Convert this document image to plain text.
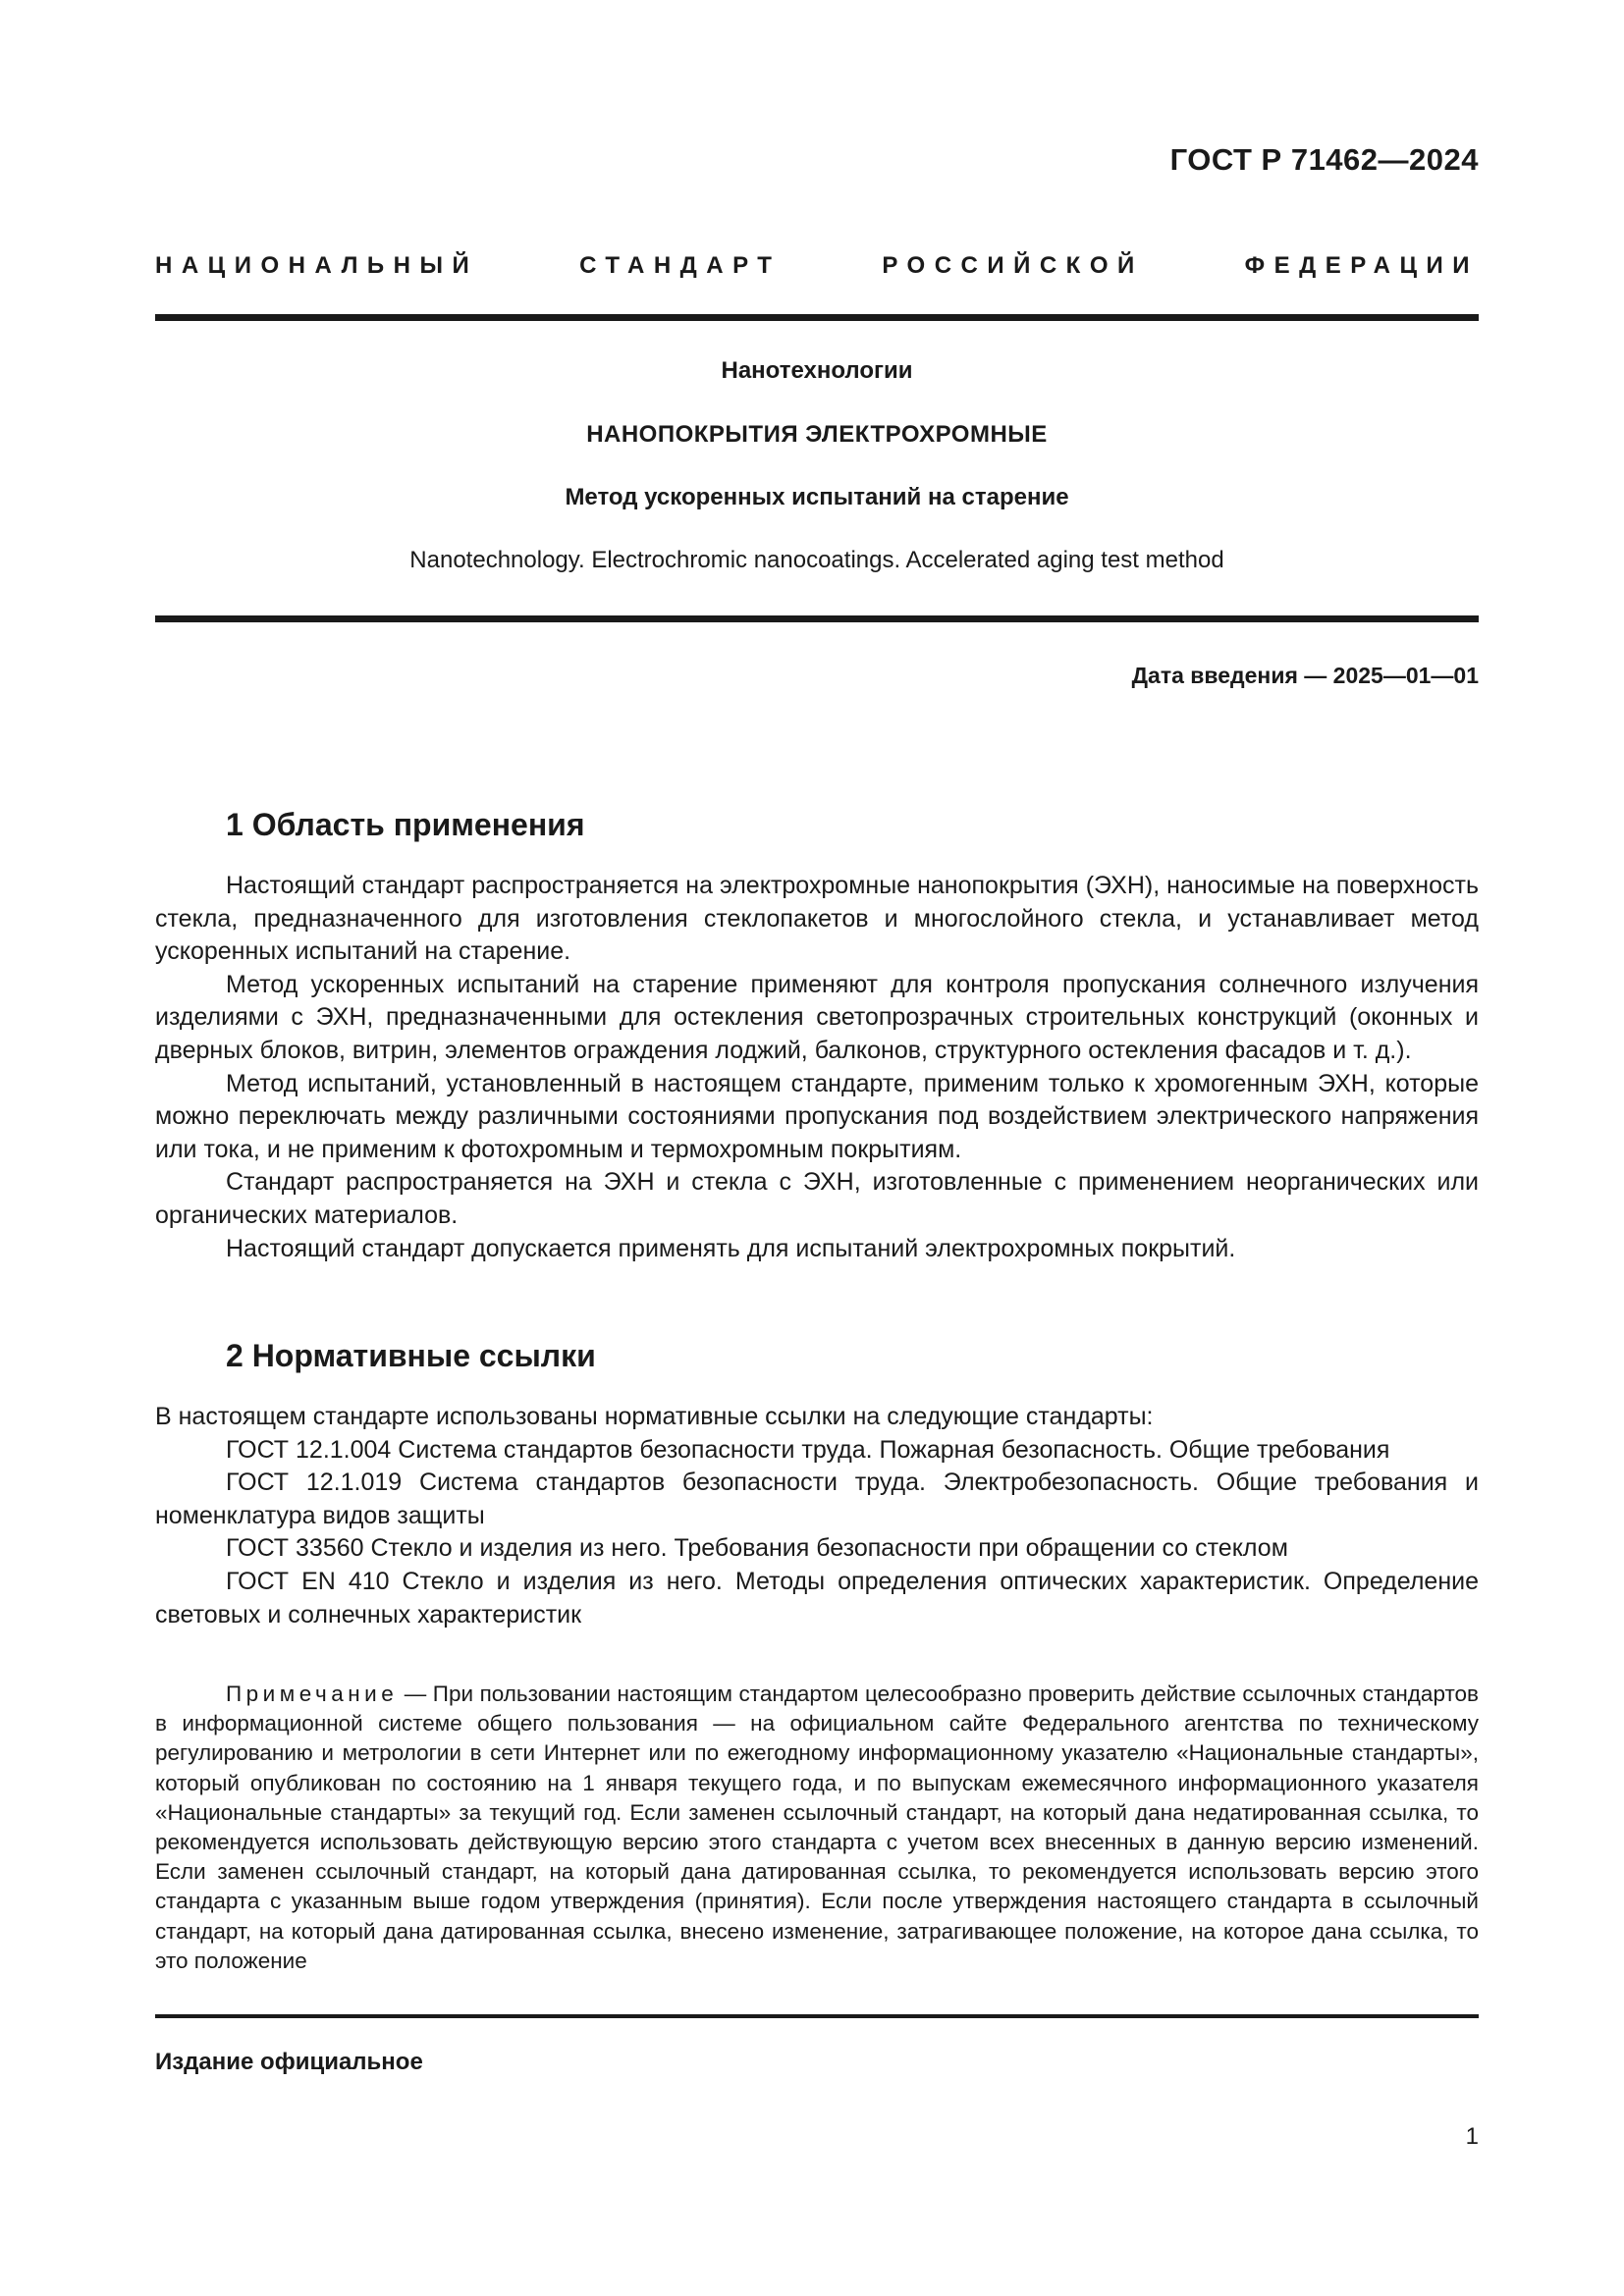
ГОСТ Р 71462—2024
НАЦИОНАЛЬНЫЙ	СТАНДАРТ	РОССИЙСКОЙ	ФЕДЕРАЦИИ
Нанотехнологии
НАНОПОКРЫТИЯ ЭЛЕКТРОХРОМНЫЕ
Метод ускоренных испытаний на старение
Nanotechnology. Electrochromic nanocoatings. Accelerated aging test method
Дата введения — 2025—01—01
1 Область применения

Настоящий стандарт распространяется на электрохромные нанопокрытия (ЭХН), наносимые на поверхность стекла, предназначенного для изготовления стеклопакетов и многослойного стекла, и устанавливает метод ускоренных испытаний на старение.

Метод ускоренных испытаний на старение применяют для контроля пропускания солнечного излучения изделиями с ЭХН, предназначенными для остекления светопрозрачных строительных конструкций (оконных и дверных блоков, витрин, элементов ограждения лоджий, балконов, структурного остекления фасадов и т. д.).

Метод испытаний, установленный в настоящем стандарте, применим только к хромогенным ЭХН, которые можно переключать между различными состояниями пропускания под воздействием электрического напряжения или тока, и не применим к фотохромным и термохромным покрытиям.

Стандарт распространяется на ЭХН и стекла с ЭХН, изготовленные с применением неорганических или органических материалов.

Настоящий стандарт допускается применять для испытаний электрохромных покрытий.

2 Нормативные ссылки

В настоящем стандарте использованы нормативные ссылки на следующие стандарты:

ГОСТ 12.1.004 Система стандартов безопасности труда. Пожарная безопасность. Общие требования

ГОСТ 12.1.019 Система стандартов безопасности труда. Электробезопасность. Общие требования и номенклатура видов защиты

ГОСТ 33560 Стекло и изделия из него. Требования безопасности при обращении со стеклом

ГОСТ EN 410 Стекло и изделия из него. Методы определения оптических характеристик. Определение световых и солнечных характеристик

Примечание — При пользовании настоящим стандартом целесообразно проверить действие ссылочных стандартов в информационной системе общего пользования — на официальном сайте Федерального агентства по техническому регулированию и метрологии в сети Интернет или по ежегодному информационному указателю «Национальные стандарты», который опубликован по состоянию на 1 января текущего года, и по выпускам ежемесячного информационного указателя «Национальные стандарты» за текущий год. Если заменен ссылочный стандарт, на который дана недатированная ссылка, то рекомендуется использовать действующую версию этого стандарта с учетом всех внесенных в данную версию изменений. Если заменен ссылочный стандарт, на который дана датированная ссылка, то рекомендуется использовать версию этого стандарта с указанным выше годом утверждения (принятия). Если после утверждения настоящего стандарта в ссылочный стандарт, на который дана датированная ссылка, внесено изменение, затрагивающее положение, на которое дана ссылка, то это положение

Издание официальное
1
